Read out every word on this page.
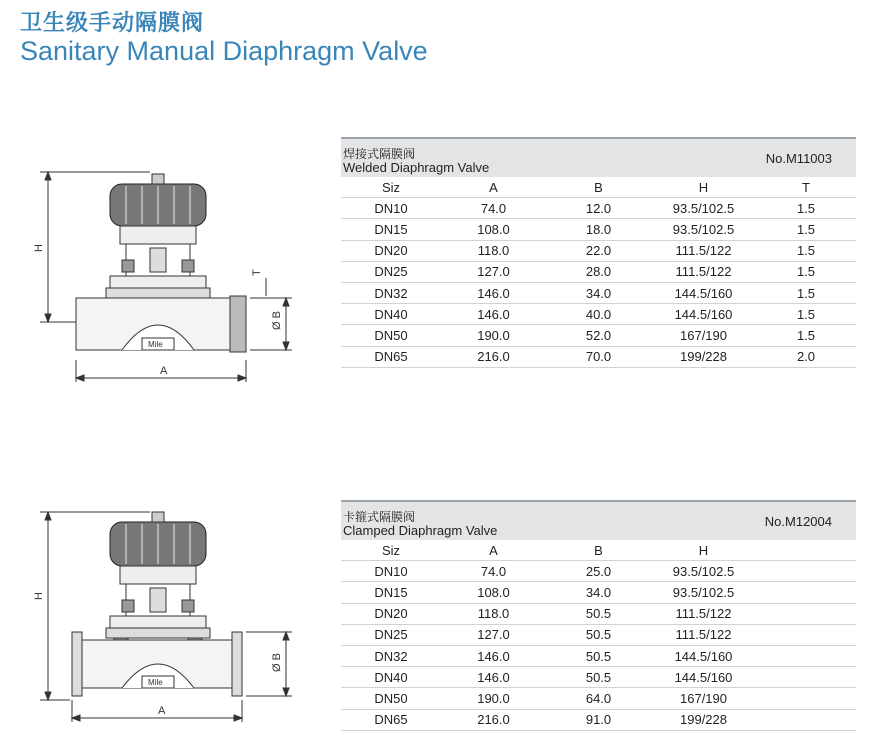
卫生级手动隔膜阀
Sanitary Manual Diaphragm Valve
H
A
Ø B
T
Mile
H
A
Ø B
Mile
焊接式隔膜阀
Welded Diaphragm Valve
No.M11003
Siz	A	B	H	T
DN10	74.0	12.0	93.5/102.5	1.5
DN15	108.0	18.0	93.5/102.5	1.5
DN20	118.0	22.0	111.5/122	1.5
DN25	127.0	28.0	111.5/122	1.5
DN32	146.0	34.0	144.5/160	1.5
DN40	146.0	40.0	144.5/160	1.5
DN50	190.0	52.0	167/190	1.5
DN65	216.0	70.0	199/228	2.0
卡箍式隔膜阀
Clamped Diaphragm Valve
No.M12004
Siz	A	B	H	
DN10	74.0	25.0	93.5/102.5	
DN15	108.0	34.0	93.5/102.5	
DN20	118.0	50.5	111.5/122	
DN25	127.0	50.5	111.5/122	
DN32	146.0	50.5	144.5/160	
DN40	146.0	50.5	144.5/160	
DN50	190.0	64.0	167/190	
DN65	216.0	91.0	199/228	
